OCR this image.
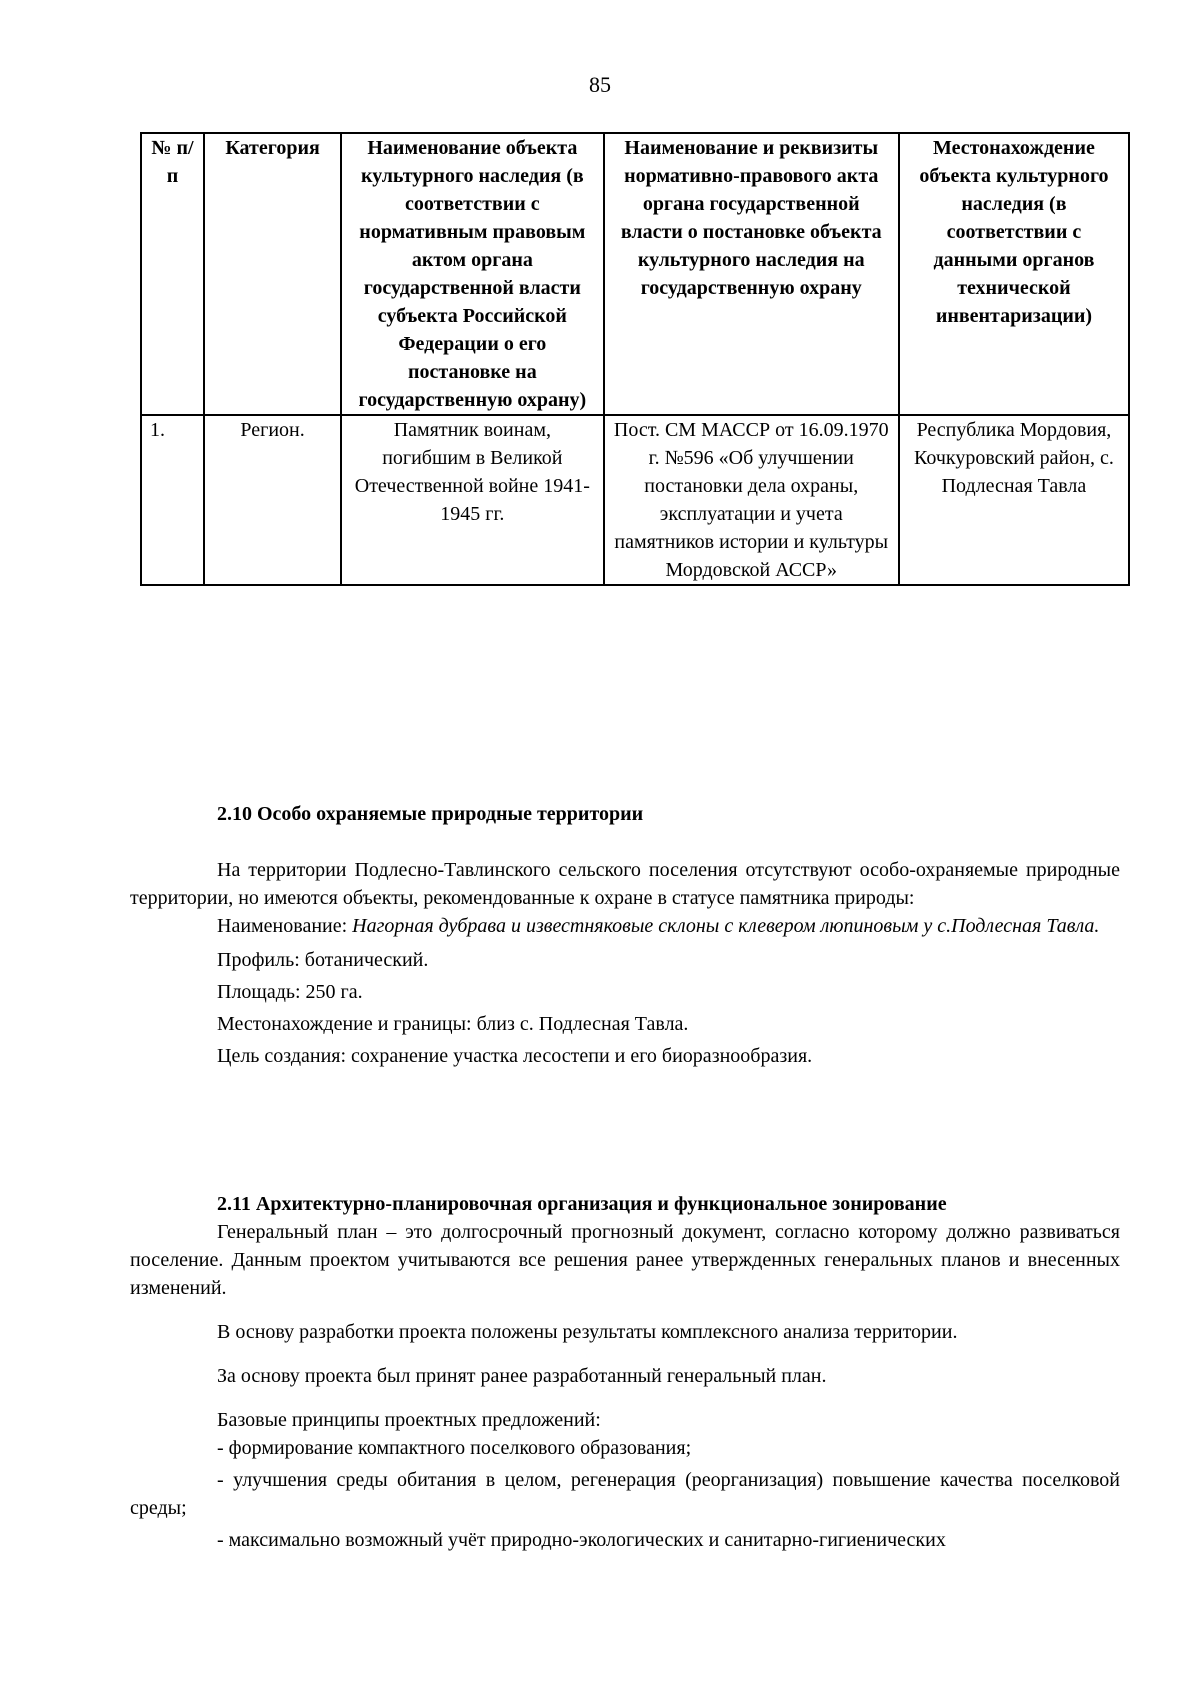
85
№ п/п	Категория	Наименование объекта культурного наследия (в соответствии с нормативным правовым актом органа государственной власти субъекта Российской Федерации о его постановке на государственную охрану)	Наименование и реквизиты нормативно-правового акта органа государственной власти о постановке объекта культурного наследия на государственную охрану	Местонахождение объекта культурного наследия (в соответствии с данными органов технической инвентаризации)
1.	Регион.	Памятник воинам, погибшим в Великой Отечественной войне 1941-1945 гг.	Пост. СМ МАССР от 16.09.1970 г. №596 «Об улучшении постановки дела охраны, эксплуатации и учета памятников истории и культуры Мордовской АССР»	Республика Мордовия, Кочкуровский район, с. Подлесная Тавла

2.10 Особо охраняемые природные территории

На территории Подлесно-Тавлинского сельского поселения отсутствуют особо-охраняемые природные территории, но имеются объекты, рекомендованные к охране в статусе памятника природы:

Наименование: Нагорная дубрава и известняковые склоны с клевером люпиновым у с.Подлесная Тавла.

Профиль: ботанический.

Площадь: 250 га.

Местонахождение и границы: близ с. Подлесная Тавла.

Цель создания: сохранение участка лесостепи и его биоразнообразия.

2.11 Архитектурно-планировочная организация и функциональное зонирование

Генеральный план – это долгосрочный прогнозный документ, согласно которому должно развиваться поселение. Данным проектом учитываются все решения ранее утвержденных генеральных планов и внесенных изменений.

В основу разработки проекта положены результаты комплексного анализа территории.

За основу проекта был принят ранее разработанный генеральный план.

Базовые принципы проектных предложений:

- формирование компактного поселкового образования;

- улучшения среды обитания в целом, регенерация (реорганизация) повышение качества поселковой среды;

- максимально возможный учёт природно-экологических и санитарно-гигиенических
